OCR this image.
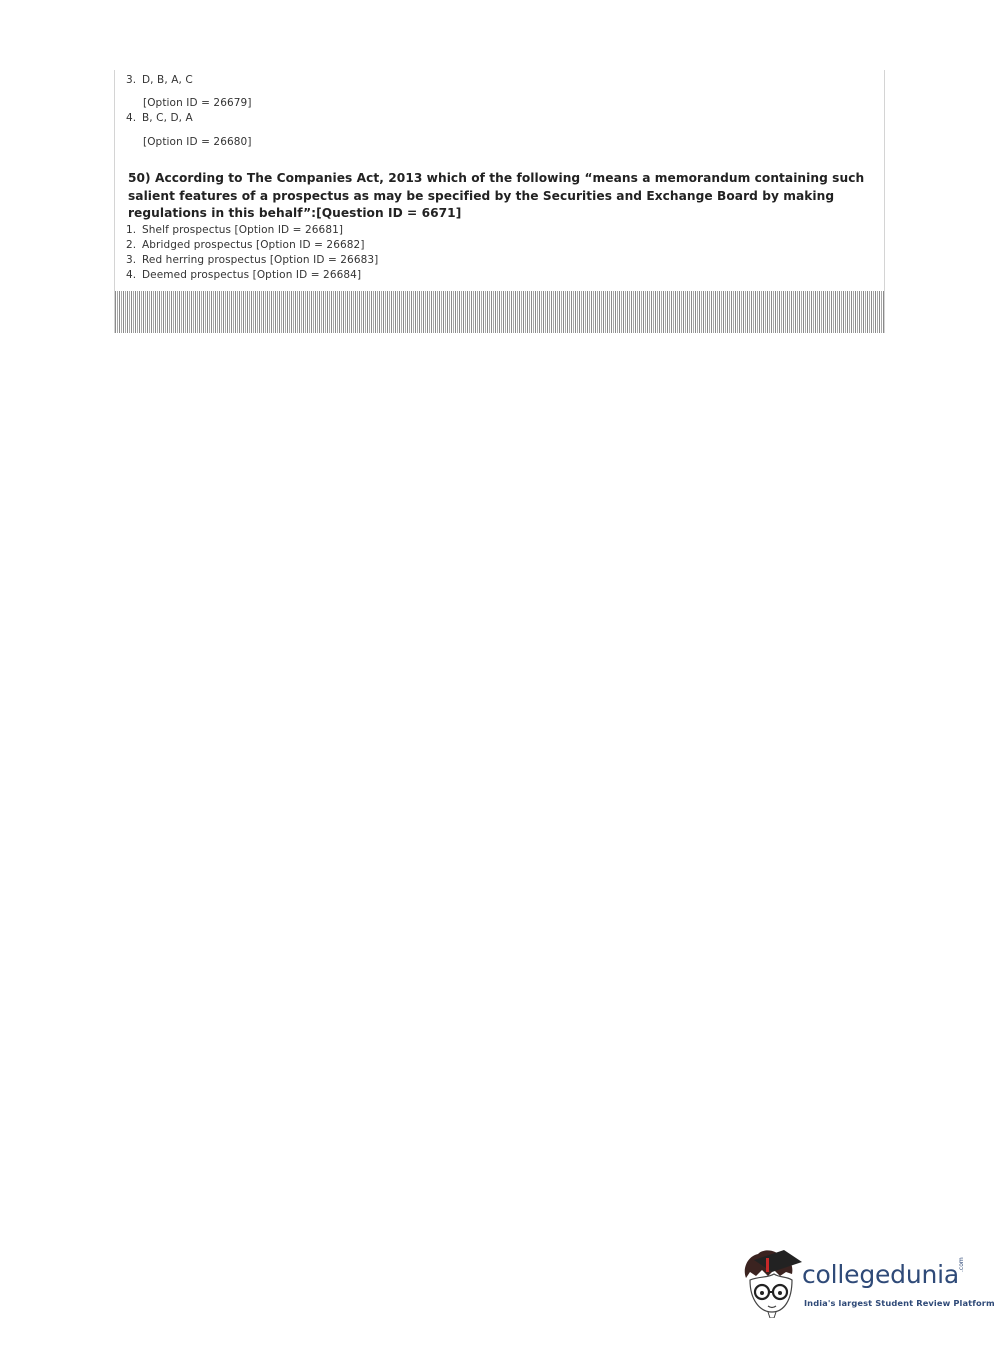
3. D, B, A, C
[Option ID = 26679]
4. B, C, D, A
[Option ID = 26680]
50) According to The Companies Act, 2013 which of the following “means a memorandum containing such salient features of a prospectus as may be specified by the Securities and Exchange Board by making regulations in this behalf”:[Question ID = 6671]
1. Shelf prospectus [Option ID = 26681]
2. Abridged prospectus [Option ID = 26682]
3. Red herring prospectus [Option ID = 26683]
4. Deemed prospectus [Option ID = 26684]
collegedunia .com
India's largest Student Review Platform
